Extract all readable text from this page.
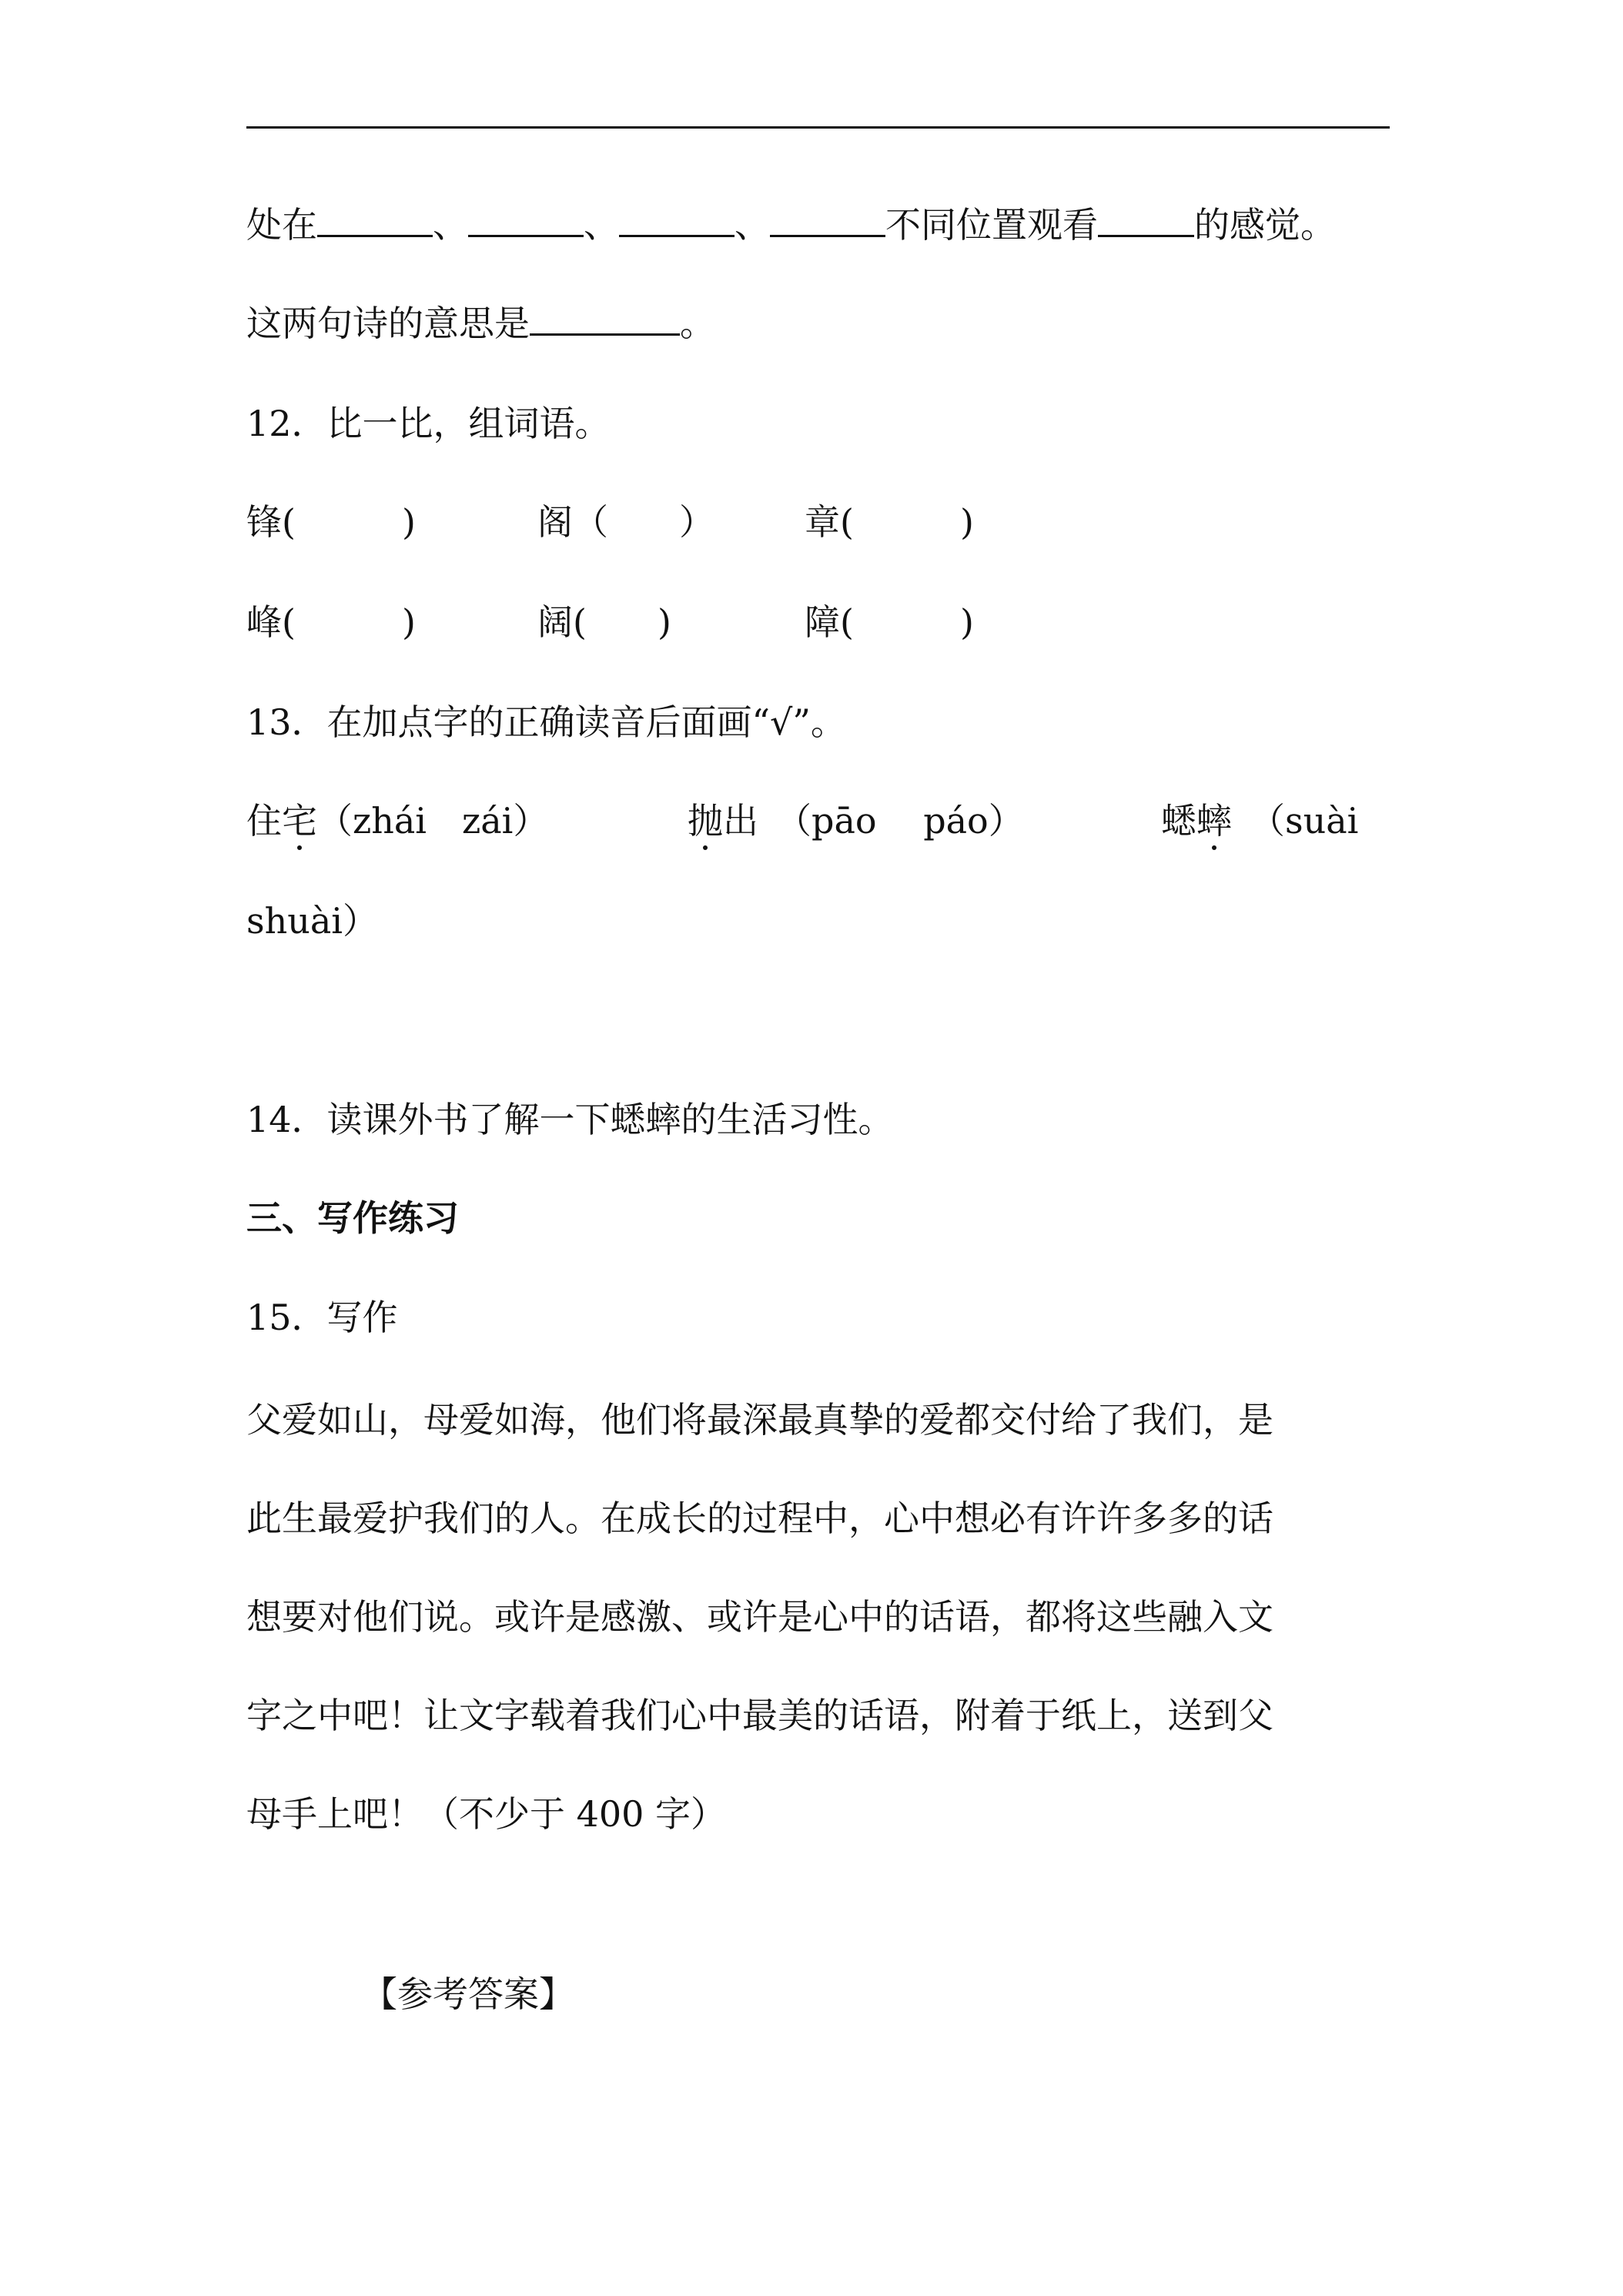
处在	、	、	、	不同位置观看	的感觉。
这两句诗的意思是	。
12．比一比，组词语。
锋(　　　)	阁（　　）	章(　　　)
峰(　　　)	阔(　　)	障(　　　)
13．在加点字的正确读音后面画“√”。
住宅（zhái　zái）	抛出　 （pāo　 páo）	蟋蟀　 （suài
shuài）
14．读课外书了解一下蟋蟀的生活习性。
三、写作练习
15．写作
父爱如山，母爱如海，他们将最深最真挚的爱都交付给了我们，是
此生最爱护我们的人。在成长的过程中，心中想必有许许多多的话
想要对他们说。或许是感激、或许是心中的话语，都将这些融入文
字之中吧！让文字载着我们心中最美的话语，附着于纸上，送到父
母手上吧！（不少于 400 字）
【参考答案】
